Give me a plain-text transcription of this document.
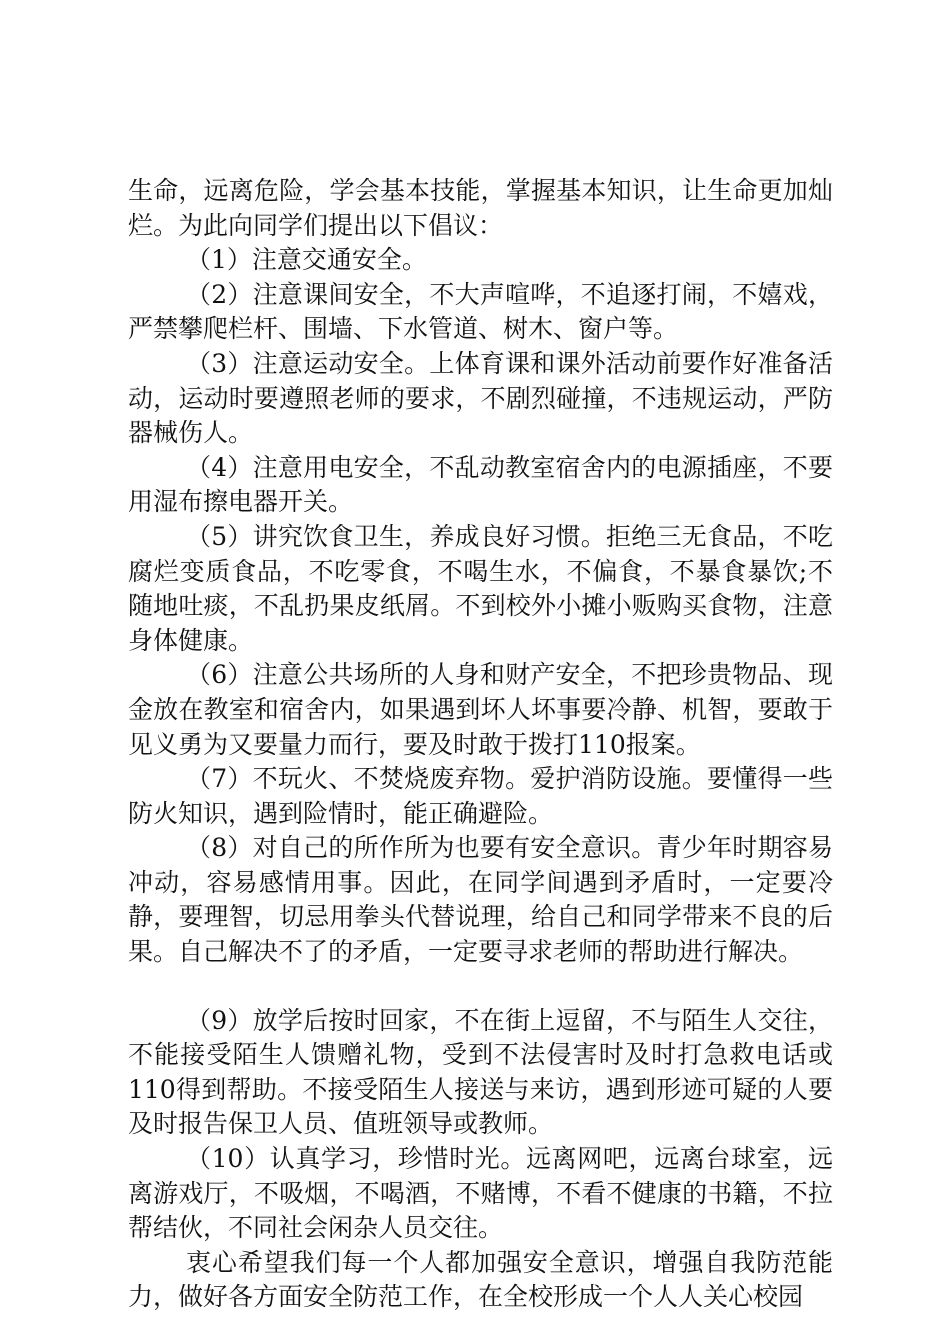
生命，远离危险，学会基本技能，掌握基本知识，让生命更加灿烂。为此向同学们提出以下倡议：

（1）注意交通安全。

（2）注意课间安全，不大声喧哗，不追逐打闹，不嬉戏，严禁攀爬栏杆、围墙、下水管道、树木、窗户等。

（3）注意运动安全。上体育课和课外活动前要作好准备活动，运动时要遵照老师的要求，不剧烈碰撞，不违规运动，严防器械伤人。

（4）注意用电安全，不乱动教室宿舍内的电源插座，不要用湿布擦电器开关。

（5）讲究饮食卫生，养成良好习惯。拒绝三无食品，不吃腐烂变质食品，不吃零食，不喝生水，不偏食，不暴食暴饮;不随地吐痰，不乱扔果皮纸屑。不到校外小摊小贩购买食物，注意身体健康。

（6）注意公共场所的人身和财产安全，不把珍贵物品、现金放在教室和宿舍内，如果遇到坏人坏事要冷静、机智，要敢于见义勇为又要量力而行，要及时敢于拨打110报案。

（7）不玩火、不焚烧废弃物。爱护消防设施。要懂得一些防火知识，遇到险情时，能正确避险。

（8）对自己的所作所为也要有安全意识。青少年时期容易冲动，容易感情用事。因此，在同学间遇到矛盾时，一定要冷静，要理智，切忌用拳头代替说理，给自己和同学带来不良的后果。自己解决不了的矛盾，一定要寻求老师的帮助进行解决。

（9）放学后按时回家，不在街上逗留，不与陌生人交往，不能接受陌生人馈赠礼物，受到不法侵害时及时打急救电话或110得到帮助。不接受陌生人接送与来访，遇到形迹可疑的人要及时报告保卫人员、值班领导或教师。

（10）认真学习，珍惜时光。远离网吧，远离台球室，远离游戏厅，不吸烟，不喝酒，不赌博，不看不健康的书籍，不拉帮结伙，不同社会闲杂人员交往。

衷心希望我们每一个人都加强安全意识，增强自我防范能力，做好各方面安全防范工作，在全校形成一个人人关心校园
